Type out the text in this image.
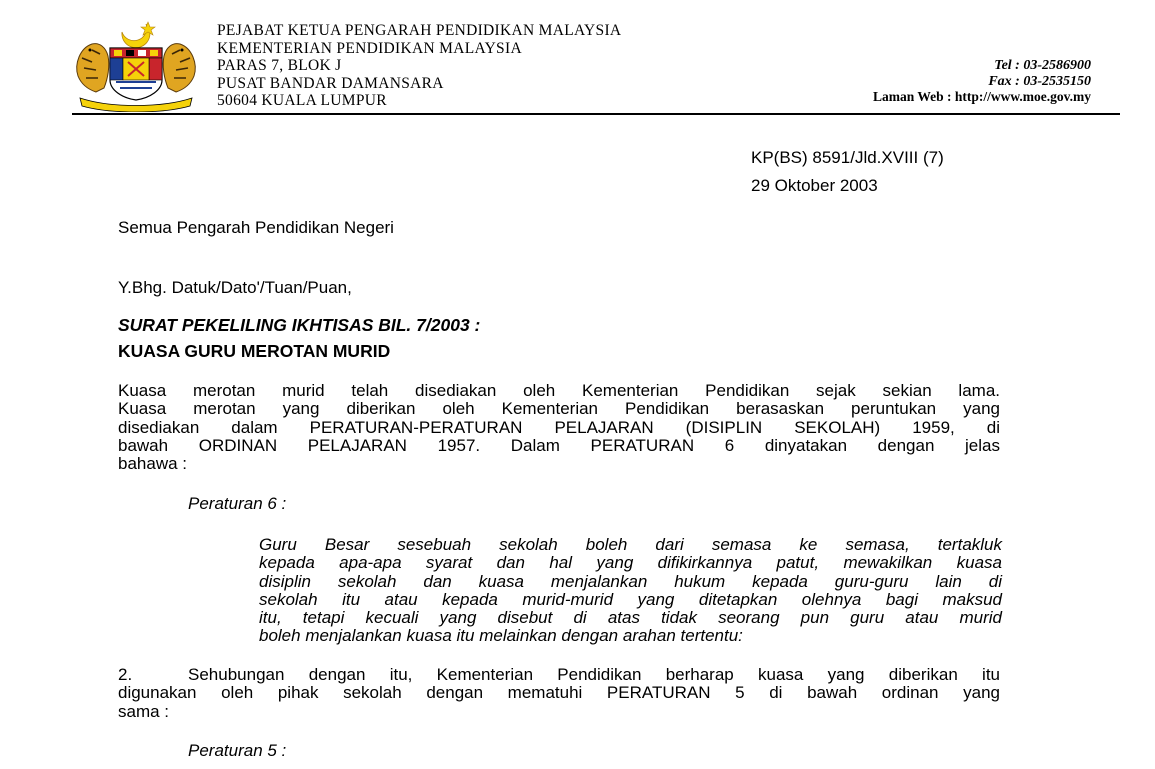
PEJABAT KETUA PENGARAH PENDIDIKAN MALAYSIA
KEMENTERIAN PENDIDIKAN MALAYSIA
PARAS 7, BLOK J
PUSAT BANDAR DAMANSARA
50604 KUALA LUMPUR
Tel : 03-2586900
Fax : 03-2535150
Laman Web : http://www.moe.gov.my
KP(BS) 8591/Jld.XVIII (7)
29 Oktober 2003
Semua Pengarah Pendidikan Negeri
Y.Bhg. Datuk/Dato'/Tuan/Puan,
SURAT PEKELILING IKHTISAS BIL. 7/2003 :
KUASA GURU MEROTAN MURID
Kuasa merotan murid telah disediakan oleh Kementerian Pendidikan sejak sekian lama.
Kuasa merotan yang diberikan oleh Kementerian Pendidikan berasaskan peruntukan yang
disediakan dalam PERATURAN-PERATURAN PELAJARAN (DISIPLIN SEKOLAH) 1959, di
bawah ORDINAN PELAJARAN 1957. Dalam PERATURAN 6 dinyatakan dengan jelas
bahawa :
Peraturan 6 :
Guru Besar sesebuah sekolah boleh dari semasa ke semasa, tertakluk
kepada apa-apa syarat dan hal yang difikirkannya patut, mewakilkan kuasa
disiplin sekolah dan kuasa menjalankan hukum kepada guru-guru lain di
sekolah itu atau kepada murid-murid yang ditetapkan olehnya bagi maksud
itu, tetapi kecuali yang disebut di atas tidak seorang pun guru atau murid
boleh menjalankan kuasa itu melainkan dengan arahan tertentu:
2.	Sehubungan dengan itu, Kementerian Pendidikan berharap kuasa yang diberikan itu
digunakan oleh pihak sekolah dengan mematuhi PERATURAN 5 di bawah ordinan yang
sama :
Peraturan 5 :
